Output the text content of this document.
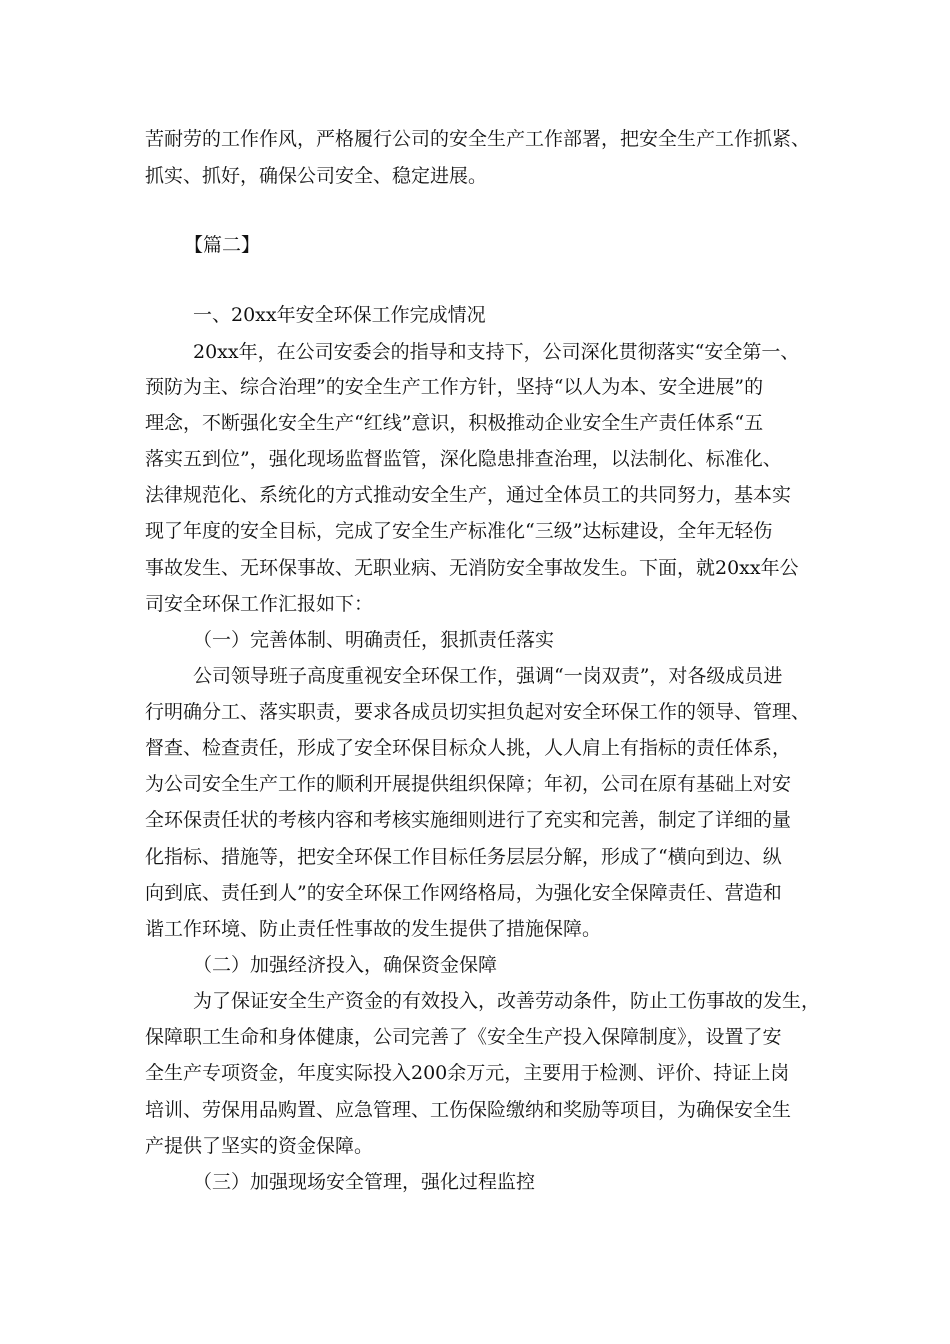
苦耐劳的工作作风，严格履行公司的安全生产工作部署，把安全生产工作抓紧、
抓实、抓好，确保公司安全、稳定进展。
【篇二】
一、20xx年安全环保工作完成情况
20xx年，在公司安委会的指导和支持下，公司深化贯彻落实“安全第一、
预防为主、综合治理”的安全生产工作方针，坚持“以人为本、安全进展”的
理念，不断强化安全生产“红线”意识，积极推动企业安全生产责任体系“五
落实五到位”，强化现场监督监管，深化隐患排查治理，以法制化、标准化、
法律规范化、系统化的方式推动安全生产，通过全体员工的共同努力，基本实
现了年度的安全目标，完成了安全生产标准化“三级”达标建设，全年无轻伤
事故发生、无环保事故、无职业病、无消防安全事故发生。下面，就20xx年公
司安全环保工作汇报如下：
（一）完善体制、明确责任，狠抓责任落实
公司领导班子高度重视安全环保工作，强调“一岗双责”，对各级成员进
行明确分工、落实职责，要求各成员切实担负起对安全环保工作的领导、管理、
督查、检查责任，形成了安全环保目标众人挑，人人肩上有指标的责任体系，
为公司安全生产工作的顺利开展提供组织保障；年初，公司在原有基础上对安
全环保责任状的考核内容和考核实施细则进行了充实和完善，制定了详细的量
化指标、措施等，把安全环保工作目标任务层层分解，形成了“横向到边、纵
向到底、责任到人”的安全环保工作网络格局，为强化安全保障责任、营造和
谐工作环境、防止责任性事故的发生提供了措施保障。
（二）加强经济投入，确保资金保障
为了保证安全生产资金的有效投入，改善劳动条件，防止工伤事故的发生，
保障职工生命和身体健康，公司完善了《安全生产投入保障制度》，设置了安
全生产专项资金，年度实际投入200余万元，主要用于检测、评价、持证上岗
培训、劳保用品购置、应急管理、工伤保险缴纳和奖励等项目，为确保安全生
产提供了坚实的资金保障。
（三）加强现场安全管理，强化过程监控
